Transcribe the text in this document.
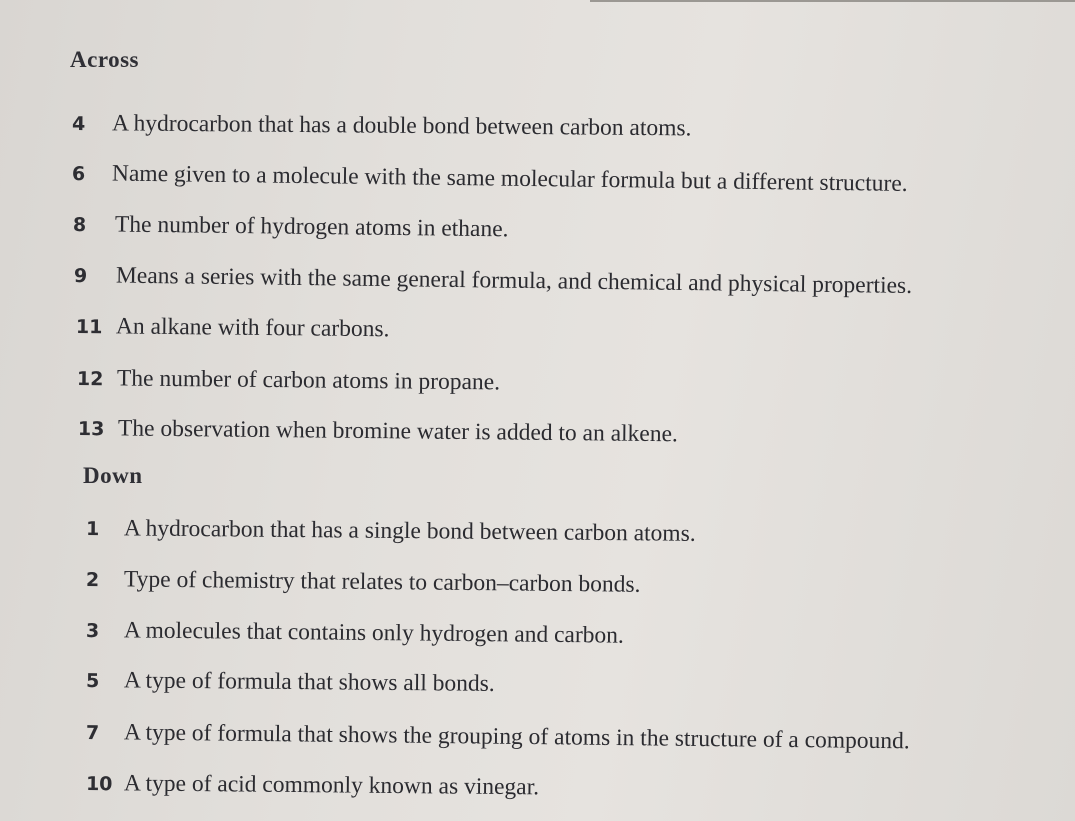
Across
4 A hydrocarbon that has a double bond between carbon atoms.
6 Name given to a molecule with the same molecular formula but a different structure.
8 The number of hydrogen atoms in ethane.
9 Means a series with the same general formula, and chemical and physical properties.
11 An alkane with four carbons.
12 The number of carbon atoms in propane.
13 The observation when bromine water is added to an alkene.
Down
1 A hydrocarbon that has a single bond between carbon atoms.
2 Type of chemistry that relates to carbon–carbon bonds.
3 A molecules that contains only hydrogen and carbon.
5 A type of formula that shows all bonds.
7 A type of formula that shows the grouping of atoms in the structure of a compound.
10 A type of acid commonly known as vinegar.
